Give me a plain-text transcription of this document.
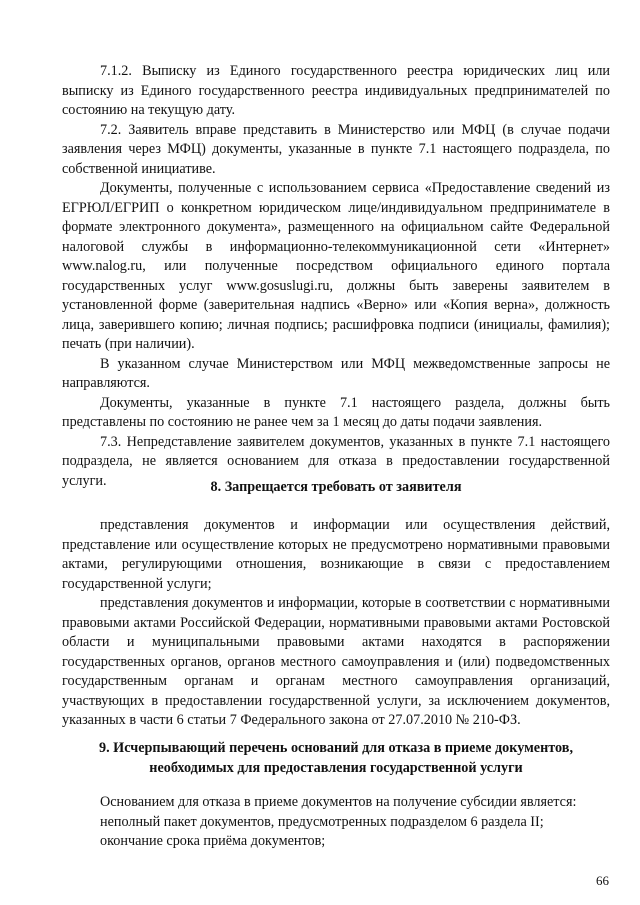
7.1.2. Выписку из Единого государственного реестра юридических лиц или выписку из Единого государственного реестра индивидуальных предпринимателей по состоянию на текущую дату.

7.2. Заявитель вправе представить в Министерство или МФЦ (в случае подачи заявления через МФЦ) документы, указанные в пункте 7.1 настоящего подраздела, по собственной инициативе.

Документы, полученные с использованием сервиса «Предоставление сведений из ЕГРЮЛ/ЕГРИП о конкретном юридическом лице/индивидуальном предпринимателе в формате электронного документа», размещенного на официальном сайте Федеральной налоговой службы в информационно-телекоммуникационной сети «Интернет» www.nalog.ru, или полученные посредством официального единого портала государственных услуг www.gosuslugi.ru, должны быть заверены заявителем в установленной форме (заверительная надпись «Верно» или «Копия верна», должность лица, заверившего копию; личная подпись; расшифровка подписи (инициалы, фамилия); печать (при наличии).

В указанном случае Министерством или МФЦ межведомственные запросы не направляются.

Документы, указанные в пункте 7.1 настоящего раздела, должны быть представлены по состоянию не ранее чем за 1 месяц до даты подачи заявления.

7.3. Непредставление заявителем документов, указанных в пункте 7.1 настоящего подраздела, не является основанием для отказа в предоставлении государственной услуги.	8. Запрещается требовать от заявителя

представления документов и информации или осуществления действий, представление или осуществление которых не предусмотрено нормативными правовыми актами, регулирующими отношения, возникающие в связи с предоставлением государственной услуги;

представления документов и информации, которые в соответствии с нормативными правовыми актами Российской Федерации, нормативными правовыми актами Ростовской области и муниципальными правовыми актами находятся в распоряжении государственных органов, органов местного самоуправления и (или) подведомственных государственным органам и органам местного самоуправления организаций, участвующих в предоставлении государственной услуги, за исключением документов, указанных в части 6 статьи 7 Федерального закона от 27.07.2010 № 210-ФЗ.

9. Исчерпывающий перечень оснований для отказа в приеме документов,

необходимых для предоставления государственной услуги

Основанием для отказа в приеме документов на получение субсидии является:

неполный пакет документов, предусмотренных подразделом 6 раздела II;

окончание срока приёма документов;

66
